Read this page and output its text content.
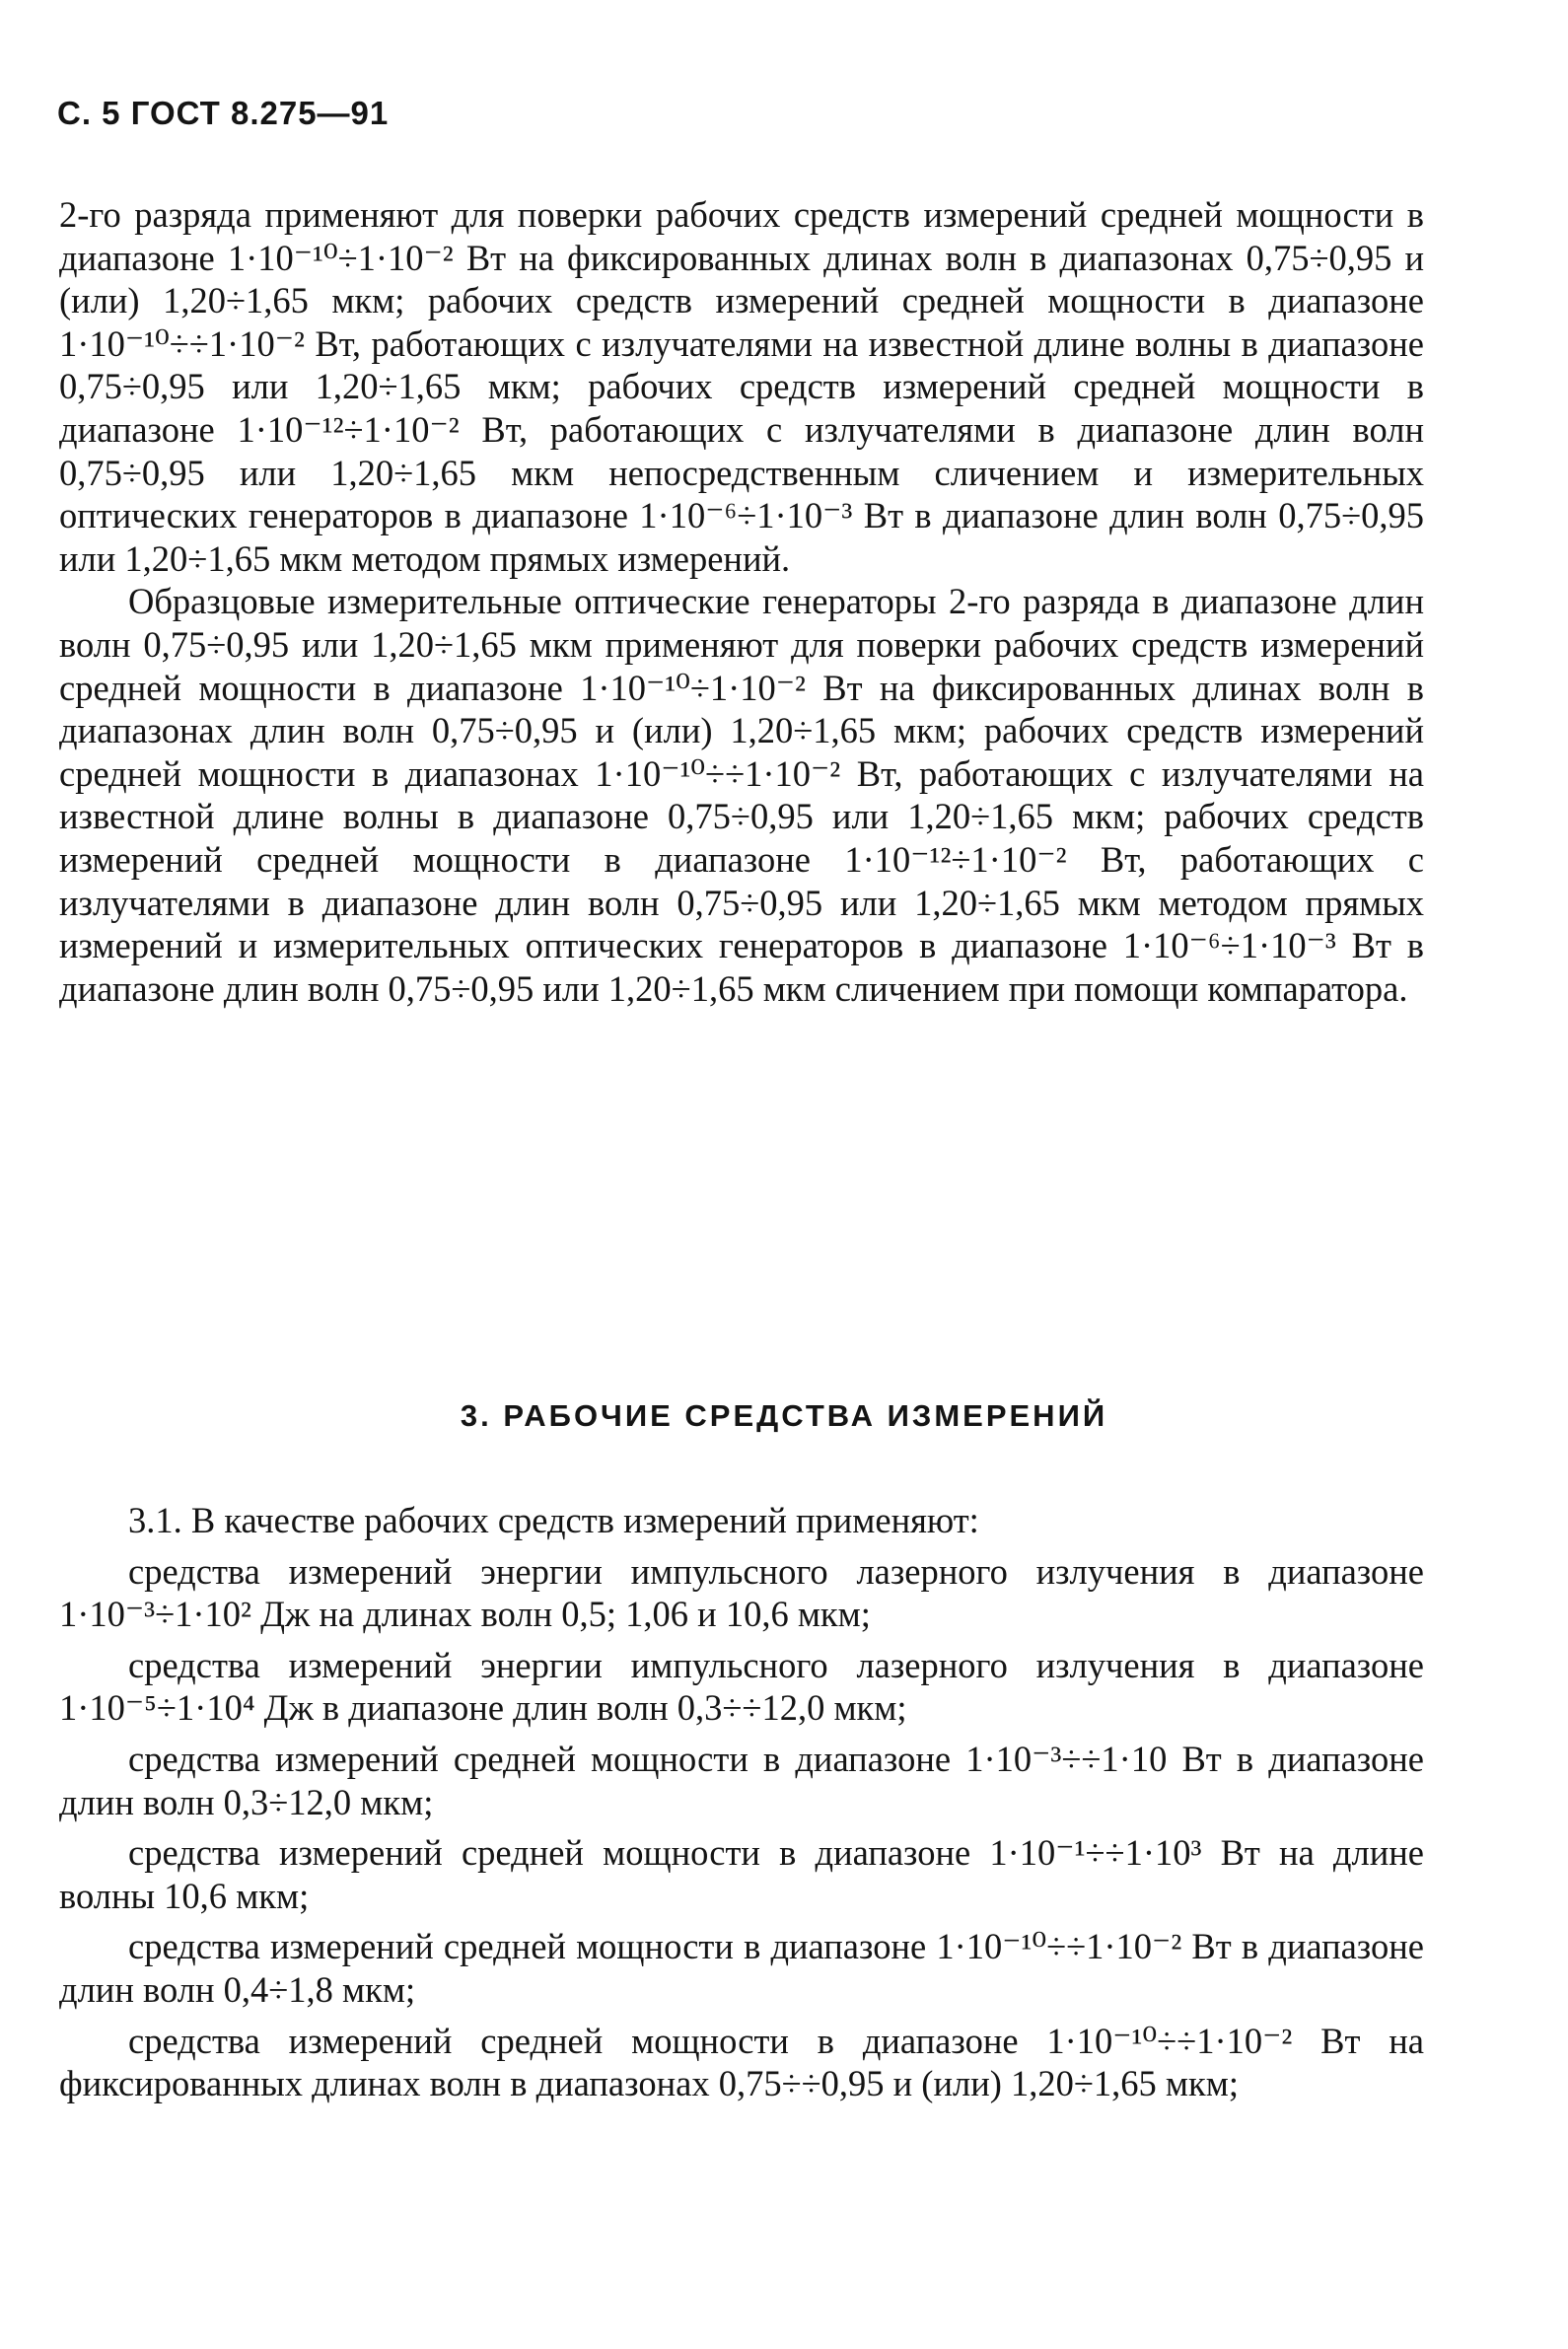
С. 5 ГОСТ 8.275—91

2-го разряда применяют для поверки рабочих средств измерений средней мощности в диапазоне 1·10⁻¹⁰÷1·10⁻² Вт на фиксированных длинах волн в диапазонах 0,75÷0,95 и (или) 1,20÷1,65 мкм; рабочих средств измерений средней мощности в диапазоне 1·10⁻¹⁰÷÷1·10⁻² Вт, работающих с излучателями на известной длине волны в диапазоне 0,75÷0,95 или 1,20÷1,65 мкм; рабочих средств измерений средней мощности в диапазоне 1·10⁻¹²÷1·10⁻² Вт, работающих с излучателями в диапазоне длин волн 0,75÷0,95 или 1,20÷1,65 мкм непосредственным сличением и измерительных оптических генераторов в диапазоне 1·10⁻⁶÷1·10⁻³ Вт в диапазоне длин волн 0,75÷0,95 или 1,20÷1,65 мкм методом прямых измерений.

Образцовые измерительные оптические генераторы 2-го разряда в диапазоне длин волн 0,75÷0,95 или 1,20÷1,65 мкм применяют для поверки рабочих средств измерений средней мощности в диапазоне 1·10⁻¹⁰÷1·10⁻² Вт на фиксированных длинах волн в диапазонах длин волн 0,75÷0,95 и (или) 1,20÷1,65 мкм; рабочих средств измерений средней мощности в диапазонах 1·10⁻¹⁰÷÷1·10⁻² Вт, работающих с излучателями на известной длине волны в диапазоне 0,75÷0,95 или 1,20÷1,65 мкм; рабочих средств измерений средней мощности в диапазоне 1·10⁻¹²÷1·10⁻² Вт, работающих с излучателями в диапазоне длин волн 0,75÷0,95 или 1,20÷1,65 мкм методом прямых измерений и измерительных оптических генераторов в диапазоне 1·10⁻⁶÷1·10⁻³ Вт в диапазоне длин волн 0,75÷0,95 или 1,20÷1,65 мкм сличением при помощи компаратора.

3. РАБОЧИЕ СРЕДСТВА ИЗМЕРЕНИЙ

3.1. В качестве рабочих средств измерений применяют:

средства измерений энергии импульсного лазерного излучения в диапазоне 1·10⁻³÷1·10² Дж на длинах волн 0,5; 1,06 и 10,6 мкм;

средства измерений энергии импульсного лазерного излучения в диапазоне 1·10⁻⁵÷1·10⁴ Дж в диапазоне длин волн 0,3÷÷12,0 мкм;

средства измерений средней мощности в диапазоне 1·10⁻³÷÷1·10 Вт в диапазоне длин волн 0,3÷12,0 мкм;

средства измерений средней мощности в диапазоне 1·10⁻¹÷÷1·10³ Вт на длине волны 10,6 мкм;

средства измерений средней мощности в диапазоне 1·10⁻¹⁰÷÷1·10⁻² Вт в диапазоне длин волн 0,4÷1,8 мкм;

средства измерений средней мощности в диапазоне 1·10⁻¹⁰÷÷1·10⁻² Вт на фиксированных длинах волн в диапазонах 0,75÷÷0,95 и (или) 1,20÷1,65 мкм;
